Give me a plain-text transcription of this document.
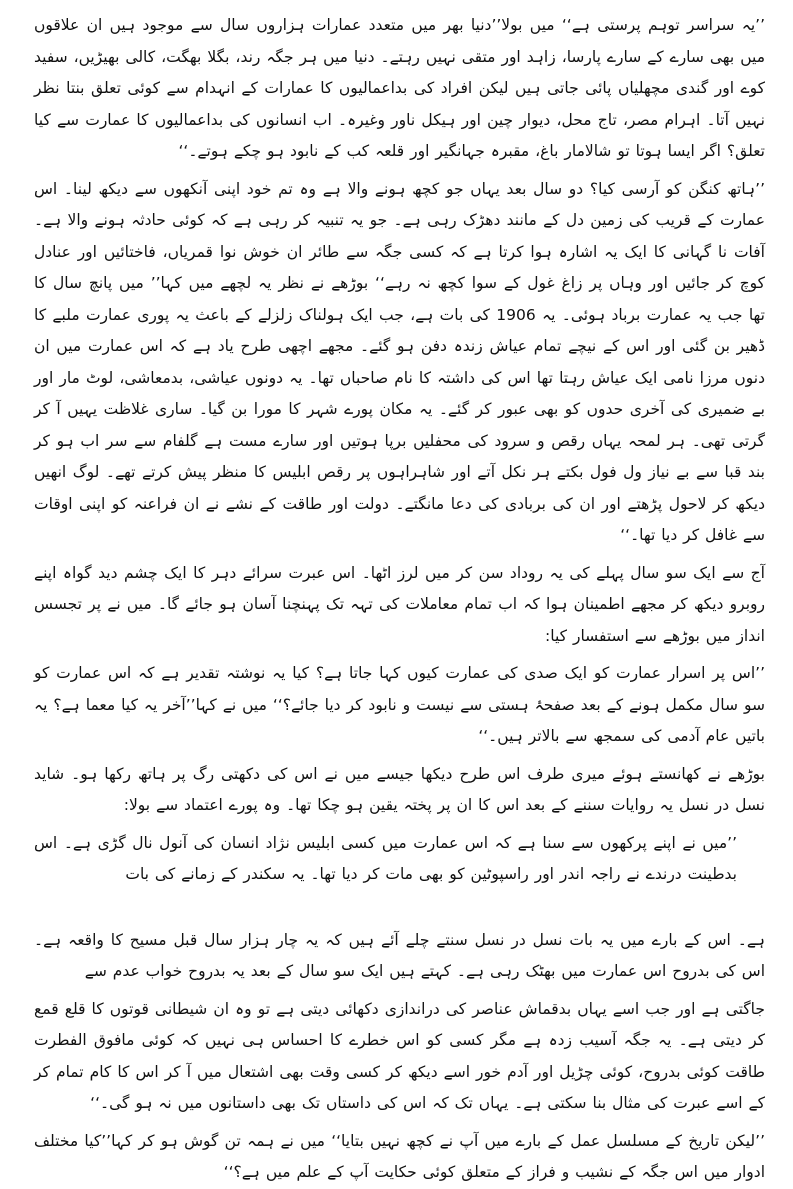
’’یہ سراسر توہم پرستی ہے‘‘ میں بولا’’دنیا بھر میں متعدد عمارات ہزاروں سال سے موجود ہیں ان علاقوں میں بھی سارے کے سارے پارسا، زاہد اور متقی نہیں رہتے۔ دنیا میں ہر جگہ رند، بگلا بھگت، کالی بھیڑیں، سفید کوے اور گندی مچھلیاں پائی جاتی ہیں لیکن افراد کی بداعمالیوں کا عمارات کے انہدام سے کوئی تعلق بنتا نظر نہیں آتا۔ اہرام مصر، تاج محل، دیوار چین اور ہیکل ناور وغیرہ۔ اب انسانوں کی بداعمالیوں کا عمارت سے کیا تعلق؟ اگر ایسا ہوتا تو شالامار باغ، مقبرہ جہانگیر اور قلعہ کب کے نابود ہو چکے ہوتے۔‘‘

’’ہاتھ کنگن کو آرسی کیا؟ دو سال بعد یہاں جو کچھ ہونے والا ہے وہ تم خود اپنی آنکھوں سے دیکھ لینا۔ اس عمارت کے قریب کی زمین دل کے مانند دھڑک رہی ہے۔ جو یہ تنبیہ کر رہی ہے کہ کوئی حادثہ ہونے والا ہے۔ آفات نا گہانی کا ایک یہ اشارہ ہوا کرتا ہے کہ کسی جگہ سے طائر ان خوش نوا قمریاں، فاختائیں اور عنادل کوچ کر جائیں اور وہاں پر زاغ غول کے سوا کچھ نہ رہے‘‘ بوڑھے نے نظر یہ لچھے میں کہا’’ میں پانچ سال کا تھا جب یہ عمارت برباد ہوئی۔ یہ 1906 کی بات ہے، جب ایک ہولناک زلزلے کے باعث یہ پوری عمارت ملبے کا ڈھیر بن گئی اور اس کے نیچے تمام عیاش زندہ دفن ہو گئے۔ مجھے اچھی طرح یاد ہے کہ اس عمارت میں ان دنوں مرزا نامی ایک عیاش رہتا تھا اس کی داشتہ کا نام صاحباں تھا۔ یہ دونوں عیاشی، بدمعاشی، لوٹ مار اور بے ضمیری کی آخری حدوں کو بھی عبور کر گئے۔ یہ مکان پورے شہر کا مورا بن گیا۔ ساری غلاظت یہیں آ کر گرتی تھی۔ ہر لمحہ یہاں رقص و سرود کی محفلیں برپا ہوتیں اور سارے مست ہے گلفام سے سر اب ہو کر بند قبا سے بے نیاز ول فول بکتے ہر نکل آتے اور شاہراہوں پر رقص ابلیس کا منظر پیش کرتے تھے۔ لوگ انھیں دیکھ کر لاحول پڑھتے اور ان کی بربادی کی دعا مانگتے۔ دولت اور طاقت کے نشے نے ان فراعنہ کو اپنی اوقات سے غافل کر دیا تھا۔‘‘

آج سے ایک سو سال پہلے کی یہ روداد سن کر میں لرز اٹھا۔ اس عبرت سرائے دہر کا ایک چشم دید گواہ اپنے روبرو دیکھ کر مجھے اطمینان ہوا کہ اب تمام معاملات کی تہہ تک پہنچنا آسان ہو جائے گا۔ میں نے پر تجسس انداز میں بوڑھے سے استفسار کیا:

’’اس پر اسرار عمارت کو ایک صدی کی عمارت کیوں کہا جاتا ہے؟ کیا یہ نوشتہ تقدیر ہے کہ اس عمارت کو سو سال مکمل ہونے کے بعد صفحۂ ہستی سے نیست و نابود کر دیا جائے؟‘‘ میں نے کہا’’آخر یہ کیا معما ہے؟ یہ باتیں عام آدمی کی سمجھ سے بالاتر ہیں۔‘‘

بوڑھے نے کھانستے ہوئے میری طرف اس طرح دیکھا جیسے میں نے اس کی دکھتی رگ پر ہاتھ رکھا ہو۔ شاید نسل در نسل یہ روایات سننے کے بعد اس کا ان پر پختہ یقین ہو چکا تھا۔ وہ پورے اعتماد سے بولا:

’’میں نے اپنے پرکھوں سے سنا ہے کہ اس عمارت میں کسی ابلیس نژاد انسان کی آنول نال گڑی ہے۔ اس بدطینت درندے نے راجہ اندر اور راسپوٹین کو بھی مات کر دیا تھا۔ یہ سکندر کے زمانے کی بات

ہے۔ اس کے بارے میں یہ بات نسل در نسل سنتے چلے آئے ہیں کہ یہ چار ہزار سال قبل مسیح کا واقعہ ہے۔ اس کی بدروح اس عمارت میں بھٹک رہی ہے۔ کہتے ہیں ایک سو سال کے بعد یہ بدروح خواب عدم سے

جاگتی ہے اور جب اسے یہاں بدقماش عناصر کی دراندازی دکھائی دیتی ہے تو وہ ان شیطانی قوتوں کا قلع قمع کر دیتی ہے۔ یہ جگہ آسیب زدہ ہے مگر کسی کو اس خطرے کا احساس ہی نہیں کہ کوئی مافوق الفطرت طاقت کوئی بدروح، کوئی چڑیل اور آدم خور اسے دیکھ کر کسی وقت بھی اشتعال میں آ کر اس کا کام تمام کر کے اسے عبرت کی مثال بنا سکتی ہے۔ یہاں تک کہ اس کی داستاں تک بھی داستانوں میں نہ ہو گی۔‘‘

’’لیکن تاریخ کے مسلسل عمل کے بارے میں آپ نے کچھ نہیں بتایا‘‘ میں نے ہمہ تن گوش ہو کر کہا’’کیا مختلف ادوار میں اس جگہ کے نشیب و فراز کے متعلق کوئی حکایت آپ کے علم میں ہے؟‘‘
